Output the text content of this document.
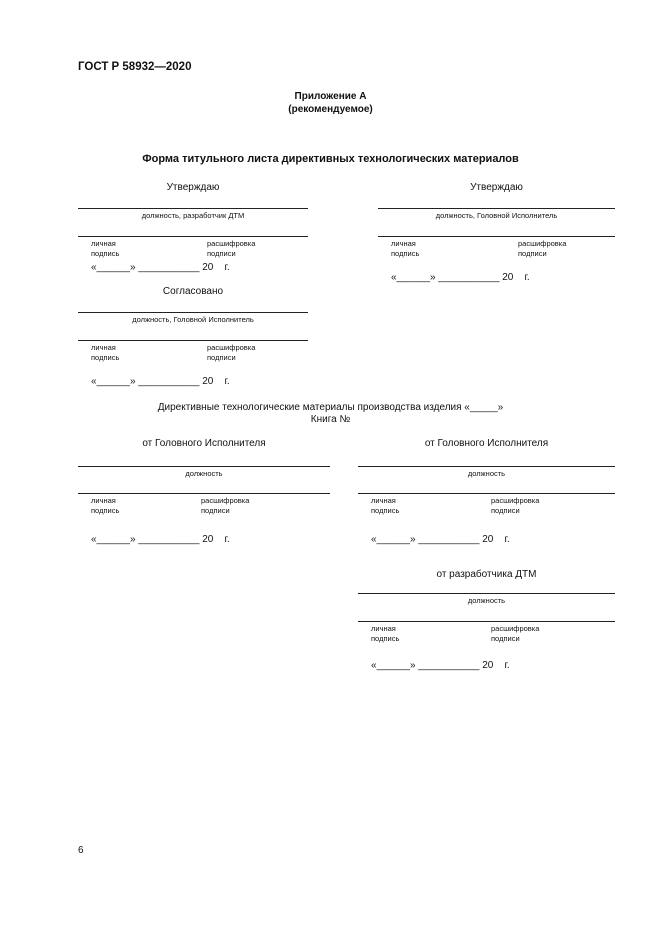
ГОСТ Р 58932—2020
Приложение А
(рекомендуемое)
Форма титульного листа директивных технологических материалов
Утверждаю
должность, разработчик ДТМ
личная
подпись
расшифровка
подписи
«______» ___________ 20 г.
Утверждаю
должность, Головной Исполнитель
личная
подпись
расшифровка
подписи
«______» ___________ 20 г.
Согласовано
должность, Головной Исполнитель
личная
подпись
расшифровка
подписи
«______» ___________ 20 г.
Директивные технологические материалы производства изделия «_____»
Книга №
от Головного Исполнителя
должность
личная
подпись
расшифровка
подписи
«______» ___________ 20 г.
от Головного Исполнителя
должность
личная
подпись
расшифровка
подписи
«______» ___________ 20 г.
от разработчика ДТМ
должность
личная
подпись
расшифровка
подписи
«______» ___________ 20 г.
6
